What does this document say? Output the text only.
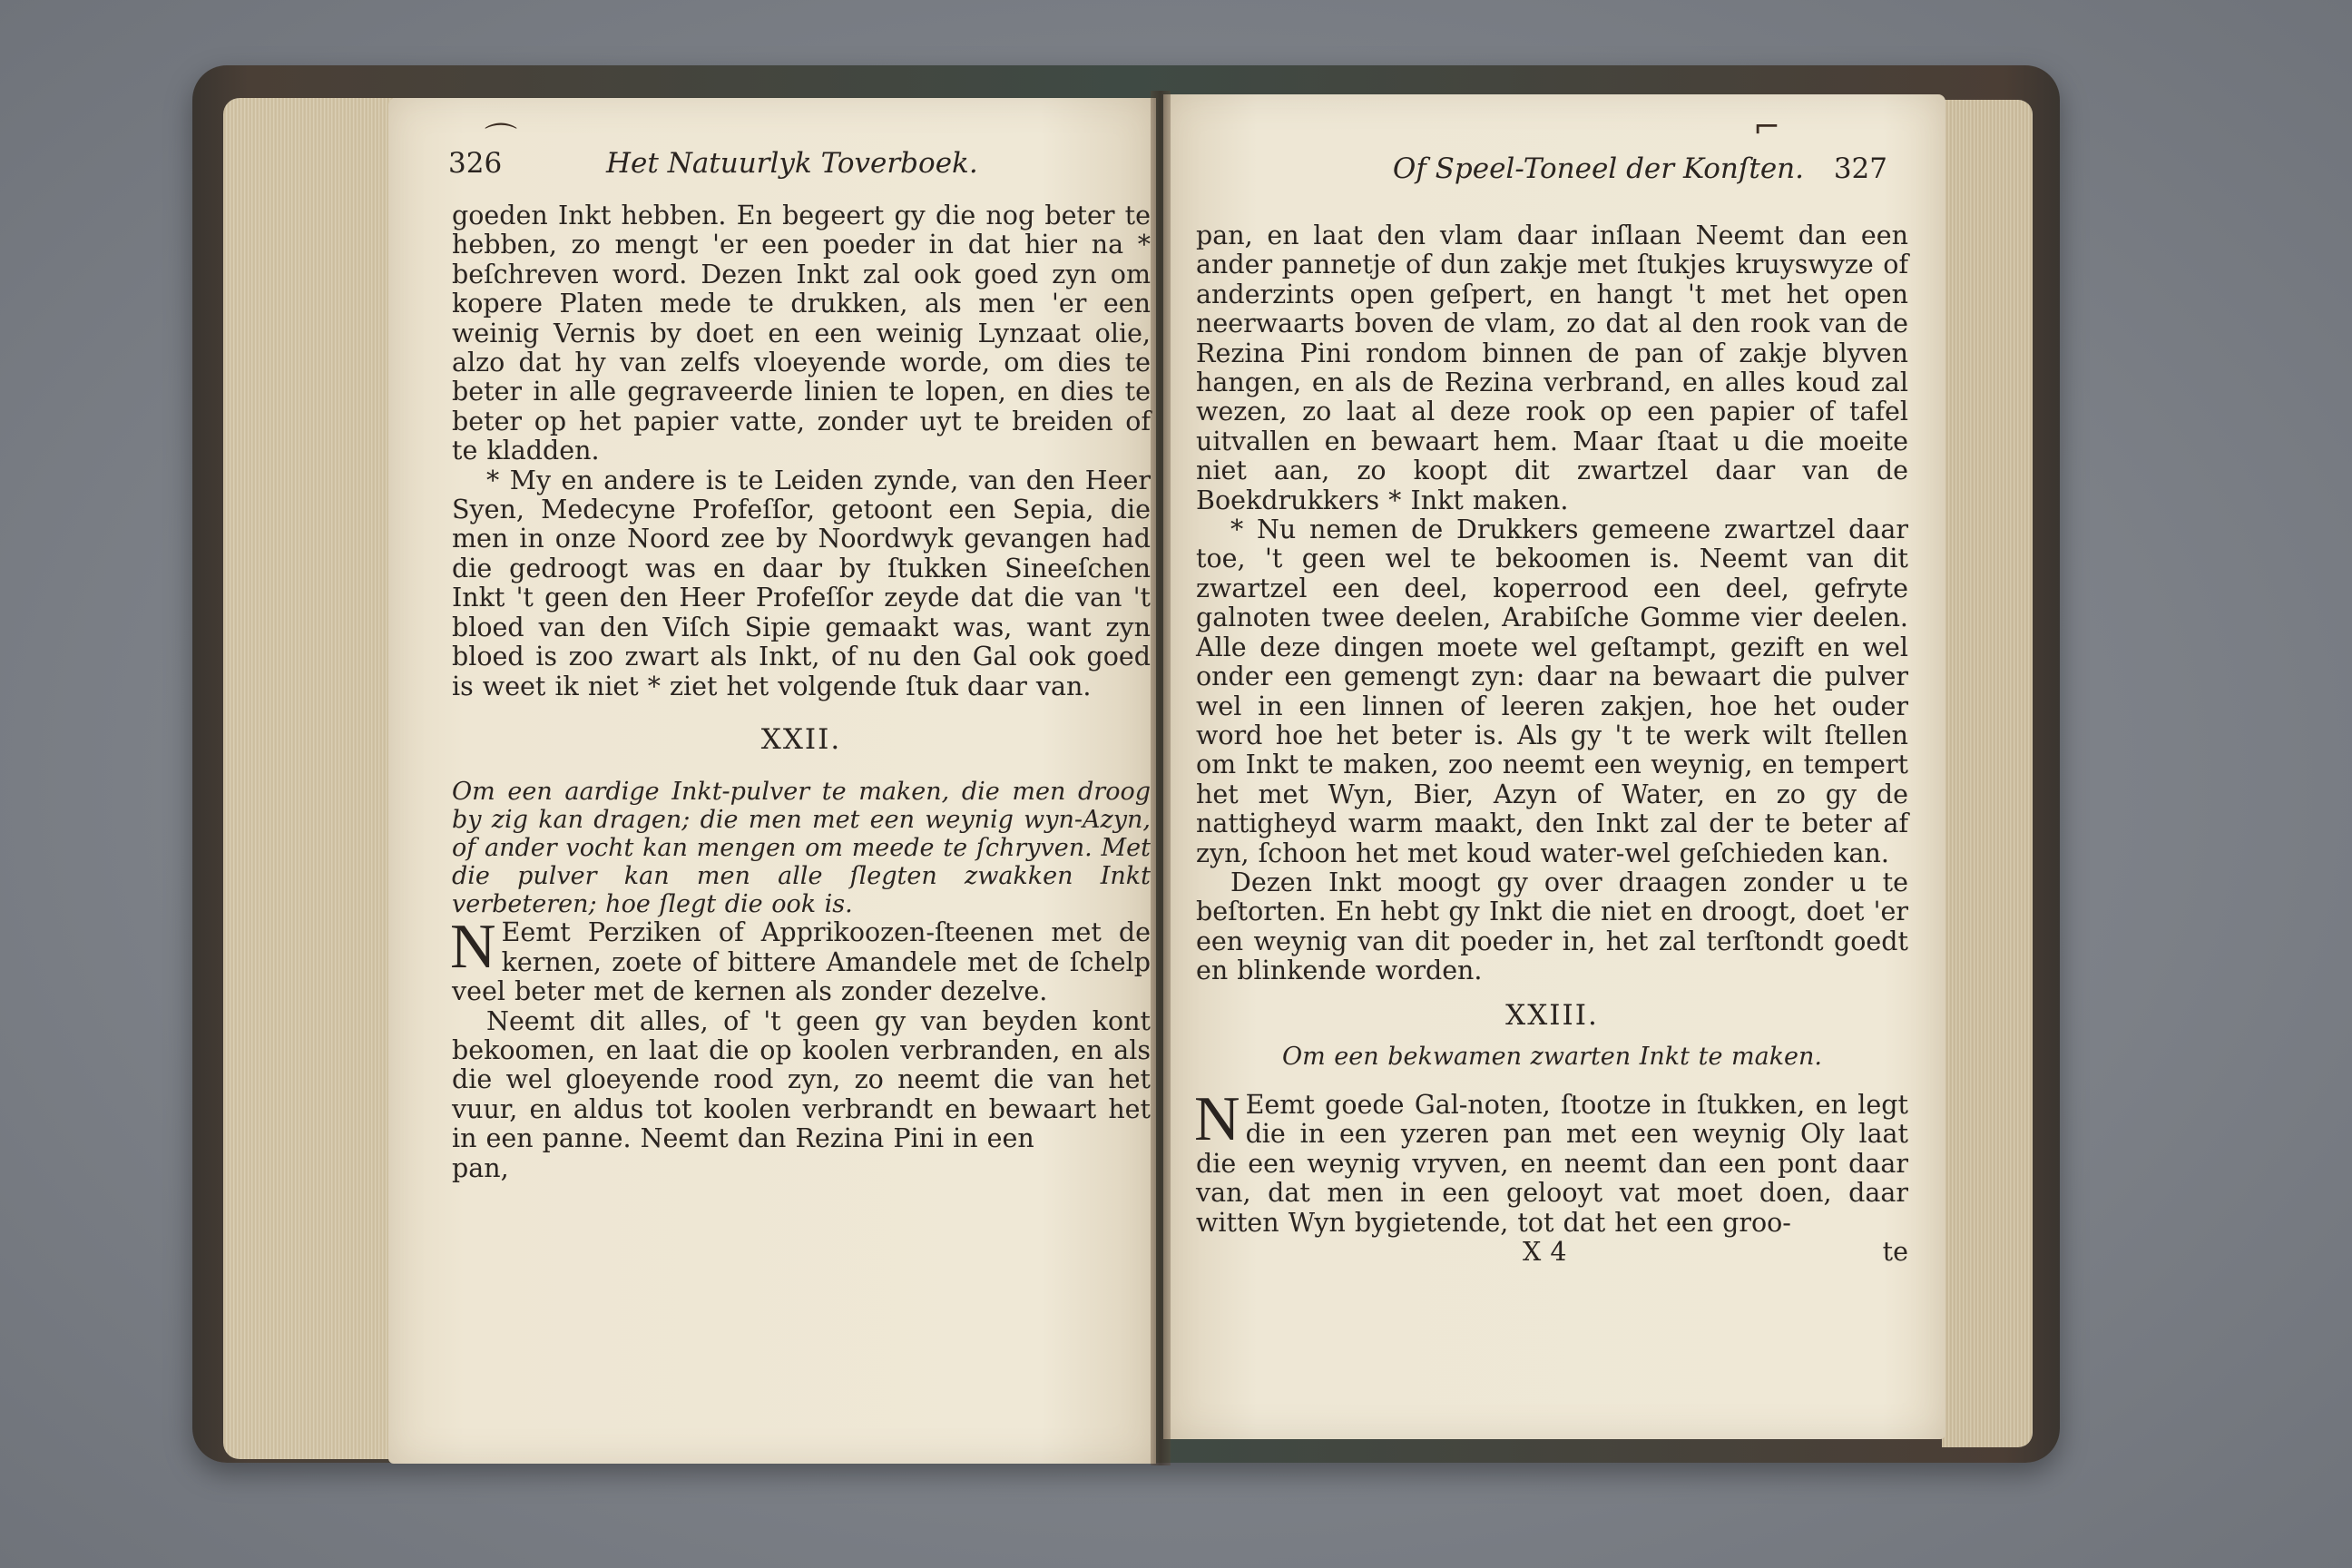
326	Het Natuurlyk Toverboek.
⌒

goeden Inkt hebben. En begeert gy die nog beter te hebben, zo mengt 'er een poeder in dat hier na * beſchreven word. Dezen Inkt zal ook goed zyn om kopere Platen mede te drukken, als men 'er een weinig Vernis by doet en een weinig Lynzaat olie, alzo dat hy van zelfs vloeyende worde, om dies te beter in alle gegraveerde linien te lopen, en dies te beter op het papier vatte, zonder uyt te breiden of te kladden.

* My en andere is te Leiden zynde, van den Heer Syen, Medecyne Profeſſor, getoont een Sepia, die men in onze Noord zee by Noordwyk gevangen had die gedroogt was en daar by ſtukken Sineeſchen Inkt 't geen den Heer Profeſſor zeyde dat die van 't bloed van den Viſch Sipie gemaakt was, want zyn bloed is zoo zwart als Inkt, of nu den Gal ook goed is weet ik niet * ziet het volgende ſtuk daar van.

XXII.

Om een aardige Inkt-pulver te maken, die men droog by zig kan dragen; die men met een weynig wyn-Azyn, of ander vocht kan mengen om meede te ſchryven. Met die pulver kan men alle ſlegten zwakken Inkt verbeteren; hoe ſlegt die ook is.

N Eemt Perziken of Apprikoozen-ſteenen met de kernen, zoete of bittere Amandele met de ſchelp veel beter met de kernen als zonder dezelve.

Neemt dit alles, of 't geen gy van beyden kont bekoomen, en laat die op koolen verbranden, en als die wel gloeyende rood zyn, zo neemt die van het vuur, en aldus tot koolen verbrandt en bewaart het in een panne. Neemt dan Rezina Pini in een

pan,

Of Speel-Toneel der Konſten. 327
⌐

pan, en laat den vlam daar inſlaan Neemt dan een ander pannetje of dun zakje met ſtukjes kruyswyze of anderzints open geſpert, en hangt 't met het open neerwaarts boven de vlam, zo dat al den rook van de Rezina Pini rondom binnen de pan of zakje blyven hangen, en als de Rezina verbrand, en alles koud zal wezen, zo laat al deze rook op een papier of tafel uitvallen en bewaart hem. Maar ſtaat u die moeite niet aan, zo koopt dit zwartzel daar van de Boekdrukkers * Inkt maken.

* Nu nemen de Drukkers gemeene zwartzel daar toe, 't geen wel te bekoomen is. Neemt van dit zwartzel een deel, koperrood een deel, gefryte galnoten twee deelen, Arabiſche Gomme vier deelen. Alle deze dingen moete wel geſtampt, gezift en wel onder een gemengt zyn: daar na bewaart die pulver wel in een linnen of leeren zakjen, hoe het ouder word hoe het beter is. Als gy 't te werk wilt ſtellen om Inkt te maken, zoo neemt een weynig, en tempert het met Wyn, Bier, Azyn of Water, en zo gy de nattigheyd warm maakt, den Inkt zal der te beter af zyn, ſchoon het met koud water-wel geſchieden kan.

Dezen Inkt moogt gy over draagen zonder u te beſtorten. En hebt gy Inkt die niet en droogt, doet 'er een weynig van dit poeder in, het zal terſtondt goedt en blinkende worden.

XXIII.

Om een bekwamen zwarten Inkt te maken.

N Eemt goede Gal-noten, ſtootze in ſtukken, en legt die in een yzeren pan met een weynig Oly laat die een weynig vryven, en neemt dan een pont daar van, dat men in een gelooyt vat moet doen, daar witten Wyn bygietende, tot dat het een groo-

X 4	te
